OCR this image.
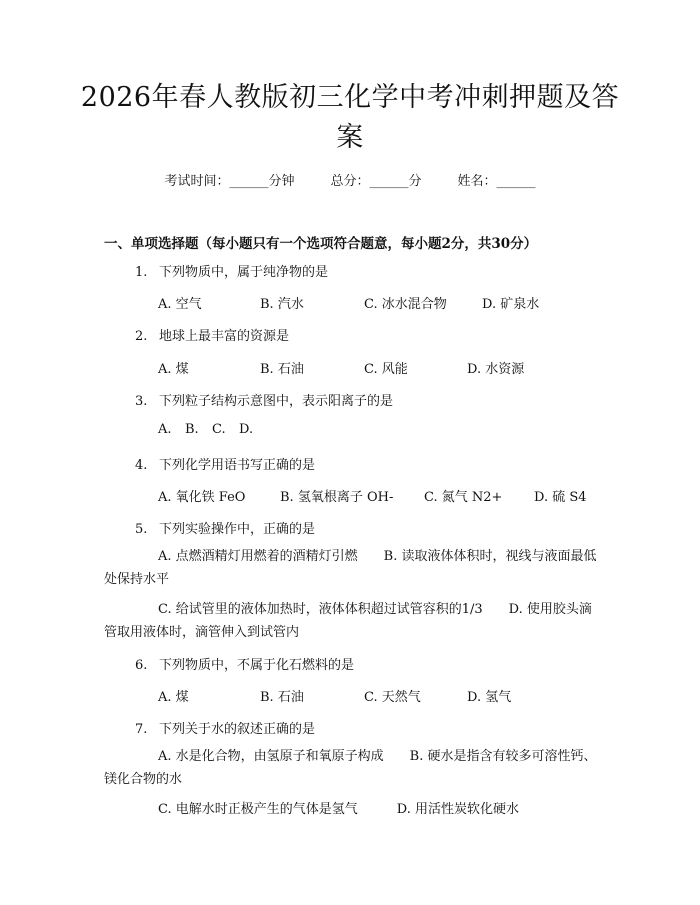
2026年春人教版初三化学中考冲刺押题及答案
考试时间：______分钟	总分：______分	姓名：______
一、单项选择题（每小题只有一个选项符合题意，每小题2分，共30分）
1. 下列物质中，属于纯净物的是
A. 空气	B. 汽水	C. 冰水混合物	D. 矿泉水
2. 地球上最丰富的资源是
A. 煤	B. 石油	C. 风能	D. 水资源
3. 下列粒子结构示意图中，表示阳离子的是
A. B. C. D.
4. 下列化学用语书写正确的是
A. 氧化铁 FeO	B. 氢氧根离子 OH- C. 氮气 N2+ D. 硫 S4
5. 下列实验操作中，正确的是
A. 点燃酒精灯用燃着的酒精灯引燃　　B. 读取液体体积时，视线与液面最低处保持水平
C. 给试管里的液体加热时，液体体积超过试管容积的1/3　　D. 使用胶头滴管取用液体时，滴管伸入到试管内
6. 下列物质中，不属于化石燃料的是
A. 煤	B. 石油	C. 天然气	D. 氢气
7. 下列关于水的叙述正确的是
A. 水是化合物，由氢原子和氧原子构成　　B. 硬水是指含有较多可溶性钙、镁化合物的水
C. 电解水时正极产生的气体是氢气　　　D. 用活性炭软化硬水
